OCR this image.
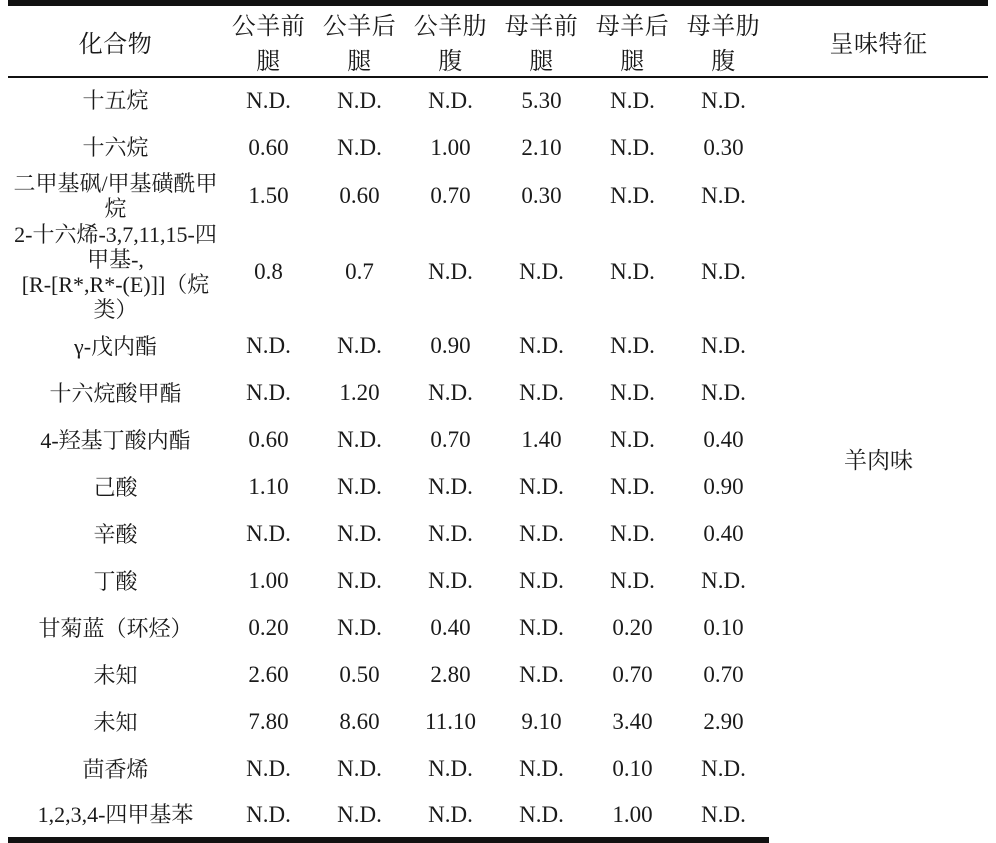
化合物	公羊前腿	公羊后腿	公羊肋腹	母羊前腿	母羊后腿	母羊肋腹	呈味特征
十五烷	N.D.	N.D.	N.D.	5.30	N.D.	N.D.	羊肉味
十六烷	0.60	N.D.	1.00	2.10	N.D.	0.30	
二甲基砜/甲基磺酰甲烷	1.50	0.60	0.70	0.30	N.D.	N.D.	

2-十六烯-3,7,11,15-四甲基-,
[R-[R*,R*-(E)]]（烷类）	0.8	0.7	N.D.	N.D.	N.D.	N.D.	
γ-戊内酯	N.D.	N.D.	0.90	N.D.	N.D.	N.D.	
十六烷酸甲酯	N.D.	1.20	N.D.	N.D.	N.D.	N.D.	
4-羟基丁酸内酯	0.60	N.D.	0.70	1.40	N.D.	0.40	
己酸	1.10	N.D.	N.D.	N.D.	N.D.	0.90	
辛酸	N.D.	N.D.	N.D.	N.D.	N.D.	0.40	
丁酸	1.00	N.D.	N.D.	N.D.	N.D.	N.D.	
甘菊蓝（环烃）	0.20	N.D.	0.40	N.D.	0.20	0.10	
未知	2.60	0.50	2.80	N.D.	0.70	0.70	
未知	7.80	8.60	11.10	9.10	3.40	2.90	
茴香烯	N.D.	N.D.	N.D.	N.D.	0.10	N.D.	
1,2,3,4-四甲基苯	N.D.	N.D.	N.D.	N.D.	1.00	N.D.	
